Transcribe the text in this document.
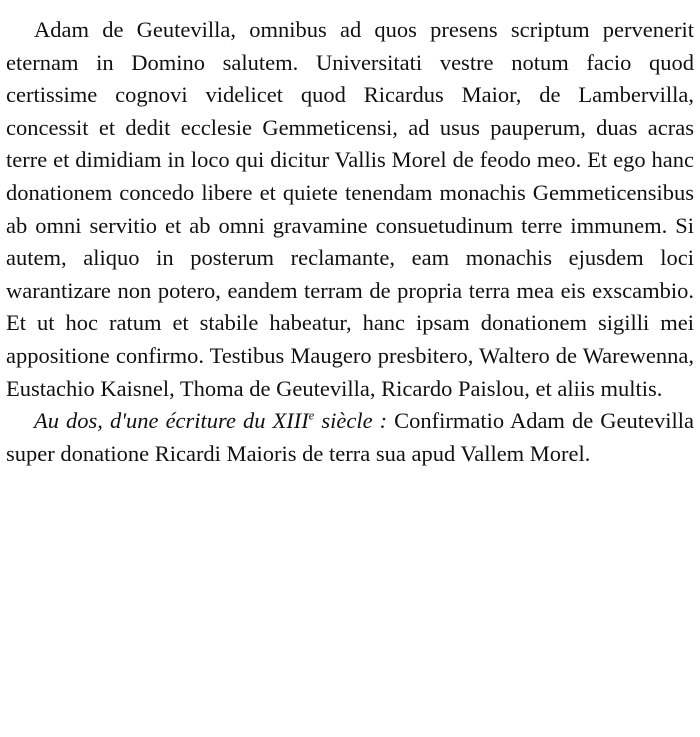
Adam de Geutevilla, omnibus ad quos presens scriptum pervenerit eternam in Domino salutem. Universitati vestre notum facio quod certissime cognovi videlicet quod Ricardus Maior, de Lambervilla, concessit et dedit ecclesie Gemmeticensi, ad usus pauperum, duas acras terre et dimidiam in loco qui dicitur Vallis Morel de feodo meo. Et ego hanc donationem concedo libere et quiete tenendam monachis Gemmeticensibus ab omni servitio et ab omni gravamine consuetudinum terre immunem. Si autem, aliquo in posterum reclamante, eam monachis ejusdem loci warantizare non potero, eandem terram de propria terra mea eis exscambio. Et ut hoc ratum et stabile habeatur, hanc ipsam donationem sigilli mei appositione confirmo. Testibus Maugero presbitero, Waltero de Warewenna, Eustachio Kaisnel, Thoma de Geutevilla, Ricardo Paislou, et aliis multis.

Au dos, d'une écriture du XIIIe siècle : Confirmatio Adam de Geutevilla super donatione Ricardi Maioris de terra sua apud Vallem Morel.
